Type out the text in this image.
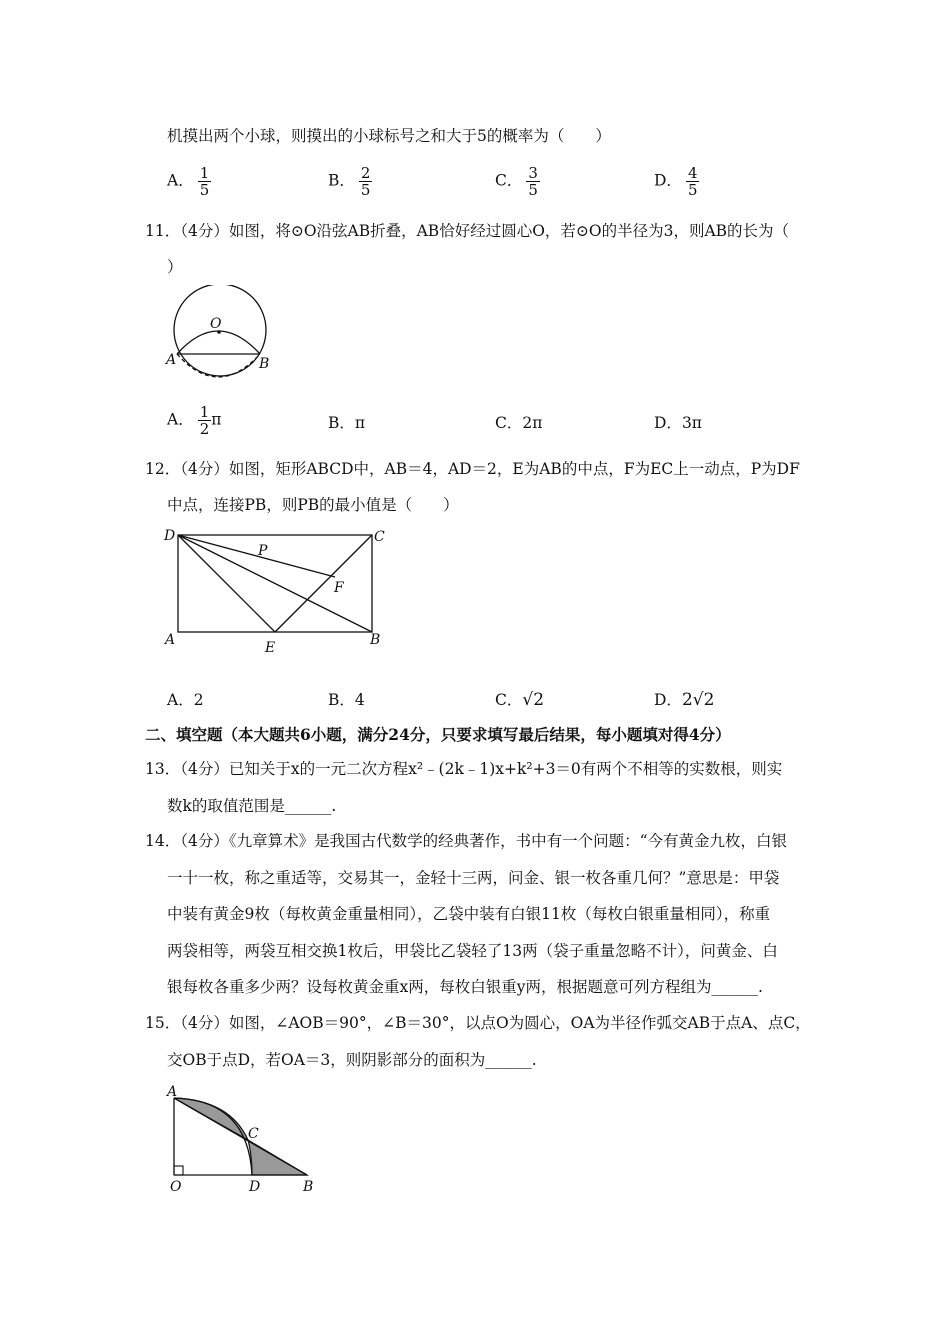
机摸出两个小球，则摸出的小球标号之和大于5的概率为（　　）
A． $\frac{1}{5}$	B． $\frac{2}{5}$	C． $\frac{3}{5}$	D． $\frac{4}{5}$
11．（4分）如图，将⊙O沿弦AB折叠，AB恰好经过圆心O，若⊙O的半径为3，则AB的长为（
）
O
A	B
A． $\frac{1}{2}$ π	B．π	C．2π	D．3π
12．（4分）如图，矩形ABCD中，AB＝4，AD＝2，E为AB的中点，F为EC上一动点，P为DF
中点，连接PB，则PB的最小值是（　　）
D	C
P
F
A	E	B
A．2	B．4	C．√2	D．2√2
二、填空题（本大题共6小题，满分24分，只要求填写最后结果，每小题填对得4分）
13．（4分）已知关于x的一元二次方程x²﹣(2k﹣1)x+k²+3＝0有两个不相等的实数根，则实
数k的取值范围是______.
14．（4分）《九章算术》是我国古代数学的经典著作，书中有一个问题：“今有黄金九枚，白银
一十一枚，称之重适等，交易其一，金轻十三两，问金、银一枚各重几何？”意思是：甲袋
中装有黄金9枚（每枚黄金重量相同），乙袋中装有白银11枚（每枚白银重量相同），称重
两袋相等，两袋互相交换1枚后，甲袋比乙袋轻了13两（袋子重量忽略不计），问黄金、白
银每枚各重多少两？设每枚黄金重x两，每枚白银重y两，根据题意可列方程组为______.
15．（4分）如图，∠AOB＝90°，∠B＝30°，以点O为圆心，OA为半径作弧交AB于点A、点C，
交OB于点D，若OA＝3，则阴影部分的面积为______.
A
C
O	D	B
